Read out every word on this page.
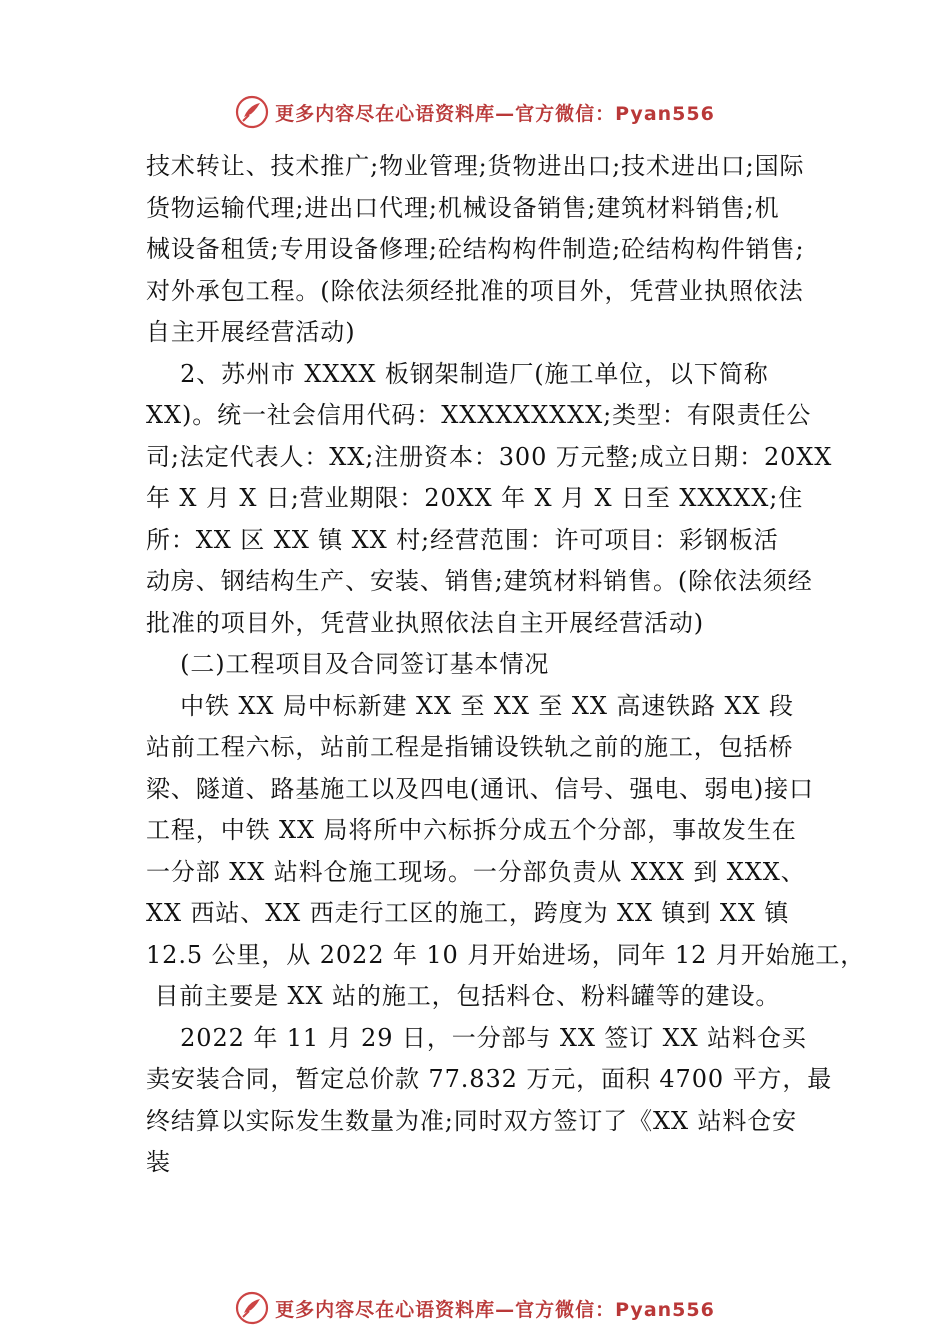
更多内容尽在心语资料库—官方微信：Pyan556
技术转让、技术推广;物业管理;货物进出口;技术进出口;国际
货物运输代理;进出口代理;机械设备销售;建筑材料销售;机
械设备租赁;专用设备修理;砼结构构件制造;砼结构构件销售;
对外承包工程。(除依法须经批准的项目外，凭营业执照依法
自主开展经营活动)
2、苏州市 XXXX 板钢架制造厂(施工单位，以下简称
XX)。统一社会信用代码：XXXXXXXXX;类型：有限责任公
司;法定代表人：XX;注册资本：300 万元整;成立日期：20XX
年 X 月 X 日;营业期限：20XX 年 X 月 X 日至 XXXXX;住
所：XX 区 XX 镇 XX 村;经营范围：许可项目：彩钢板活
动房、钢结构生产、安装、销售;建筑材料销售。(除依法须经
批准的项目外，凭营业执照依法自主开展经营活动)
(二)工程项目及合同签订基本情况
中铁 XX 局中标新建 XX 至 XX 至 XX 高速铁路 XX 段
站前工程六标，站前工程是指铺设铁轨之前的施工，包括桥
梁、隧道、路基施工以及四电(通讯、信号、强电、弱电)接口
工程，中铁 XX 局将所中六标拆分成五个分部，事故发生在
一分部 XX 站料仓施工现场。一分部负责从 XXX 到 XXX、
XX 西站、XX 西走行工区的施工，跨度为 XX 镇到 XX 镇
12.5 公里，从 2022 年 10 月开始进场，同年 12 月开始施工，
目前主要是 XX 站的施工，包括料仓、粉料罐等的建设。
2022 年 11 月 29 日，一分部与 XX 签订 XX 站料仓买
卖安装合同，暂定总价款 77.832 万元，面积 4700 平方，最
终结算以实际发生数量为准;同时双方签订了《XX 站料仓安
装
更多内容尽在心语资料库—官方微信：Pyan556
